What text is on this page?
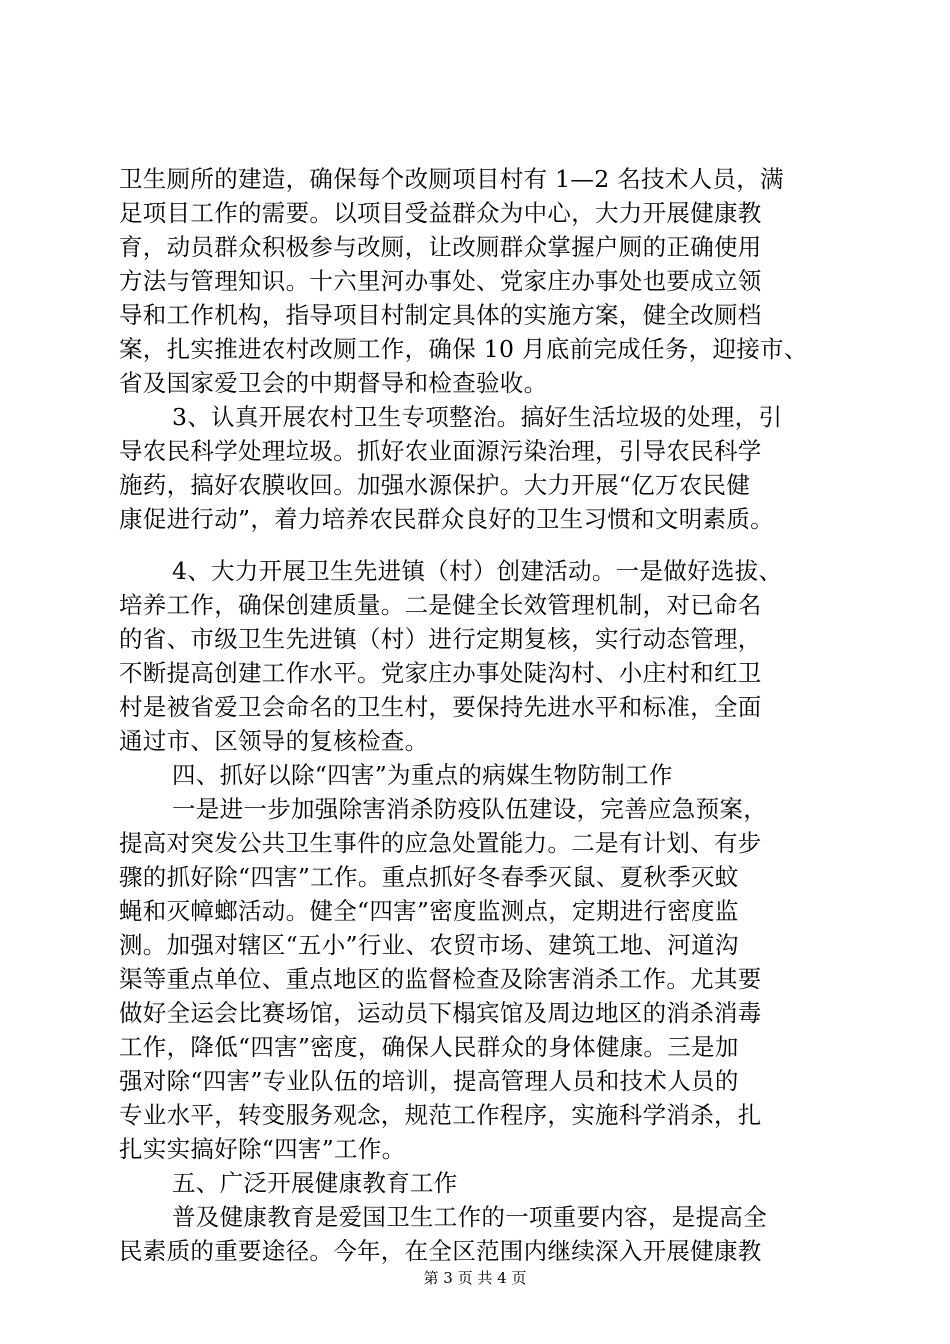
卫生厕所的建造，确保每个改厕项目村有 1—2 名技术人员，满
足项目工作的需要。以项目受益群众为中心，大力开展健康教
育，动员群众积极参与改厕，让改厕群众掌握户厕的正确使用
方法与管理知识。十六里河办事处、党家庄办事处也要成立领
导和工作机构，指导项目村制定具体的实施方案，健全改厕档
案，扎实推进农村改厕工作，确保 10 月底前完成任务，迎接市、
省及国家爱卫会的中期督导和检查验收。
3、认真开展农村卫生专项整治。搞好生活垃圾的处理，引
导农民科学处理垃圾。抓好农业面源污染治理，引导农民科学
施药，搞好农膜收回。加强水源保护。大力开展“亿万农民健
康促进行动”，着力培养农民群众良好的卫生习惯和文明素质。
4、大力开展卫生先进镇（村）创建活动。一是做好选拔、
培养工作，确保创建质量。二是健全长效管理机制，对已命名
的省、市级卫生先进镇（村）进行定期复核，实行动态管理，
不断提高创建工作水平。党家庄办事处陡沟村、小庄村和红卫
村是被省爱卫会命名的卫生村，要保持先进水平和标准，全面
通过市、区领导的复核检查。
四、抓好以除“四害”为重点的病媒生物防制工作
一是进一步加强除害消杀防疫队伍建设，完善应急预案，
提高对突发公共卫生事件的应急处置能力。二是有计划、有步
骤的抓好除“四害”工作。重点抓好冬春季灭鼠、夏秋季灭蚊
蝇和灭幛螂活动。健全“四害”密度监测点，定期进行密度监
测。加强对辖区“五小”行业、农贸市场、建筑工地、河道沟
渠等重点单位、重点地区的监督检查及除害消杀工作。尤其要
做好全运会比赛场馆，运动员下榻宾馆及周边地区的消杀消毒
工作，降低“四害”密度，确保人民群众的身体健康。三是加
强对除“四害”专业队伍的培训，提高管理人员和技术人员的
专业水平，转变服务观念，规范工作程序，实施科学消杀，扎
扎实实搞好除“四害”工作。
五、广泛开展健康教育工作
普及健康教育是爱国卫生工作的一项重要内容，是提高全
民素质的重要途径。今年，在全区范围内继续深入开展健康教
第 3 页 共 4 页
